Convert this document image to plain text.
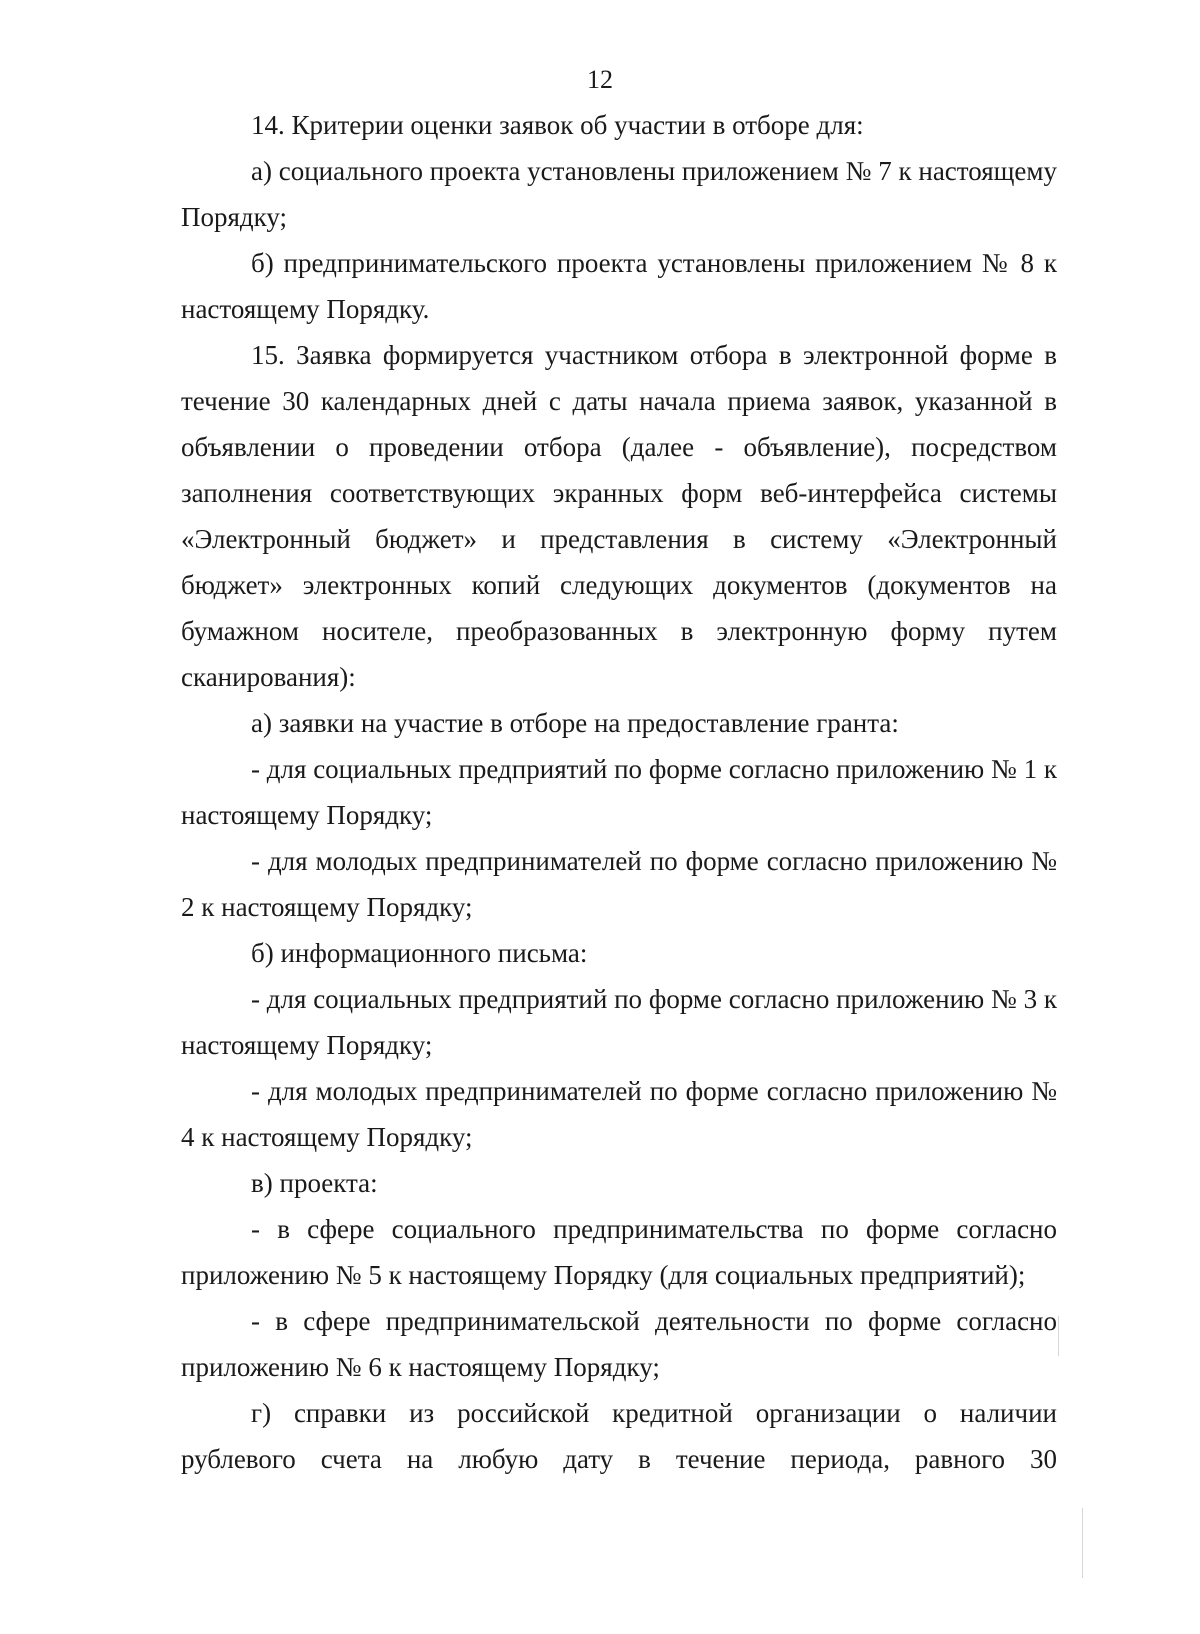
12

14. Критерии оценки заявок об участии в отборе для:

а) социального проекта установлены приложением № 7 к настоящему Порядку;

б) предпринимательского проекта установлены приложением № 8 к настоящему Порядку.

15. Заявка формируется участником отбора в электронной форме в течение 30 календарных дней с даты начала приема заявок, указанной в объявлении о проведении отбора (далее - объявление), посредством заполнения соответствующих экранных форм веб-интерфейса системы «Электронный бюджет» и представления в систему «Электронный бюджет» электронных копий следующих документов (документов на бумажном носителе, преобразованных в электронную форму путем сканирования):

а) заявки на участие в отборе на предоставление гранта:

- для социальных предприятий по форме согласно приложению № 1 к настоящему Порядку;

- для молодых предпринимателей по форме согласно приложению № 2 к настоящему Порядку;

б) информационного письма:

- для социальных предприятий по форме согласно приложению № 3 к настоящему Порядку;

- для молодых предпринимателей по форме согласно приложению № 4 к настоящему Порядку;

в) проекта:

- в сфере социального предпринимательства по форме согласно приложению № 5 к настоящему Порядку (для социальных предприятий);

- в сфере предпринимательской деятельности по форме согласно приложению № 6 к настоящему Порядку;

г) справки из российской кредитной организации о наличии рублевого счета на любую дату в течение периода, равного 30
